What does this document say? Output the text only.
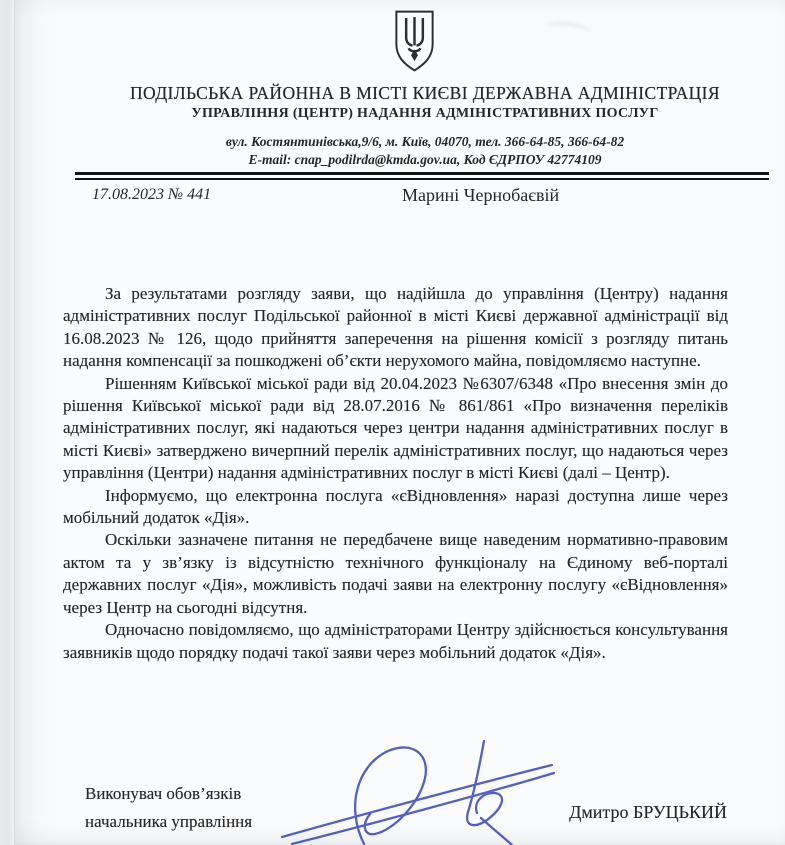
ПОДІЛЬСЬКА РАЙОННА В МІСТІ КИЄВІ ДЕРЖАВНА АДМІНІСТРАЦІЯ
УПРАВЛІННЯ (ЦЕНТР) НАДАННЯ АДМІНІСТРАТИВНИХ ПОСЛУГ
вул. Костянтинівська,9/6, м. Київ, 04070, тел. 366-64-85, 366-64-82
E-mail: cnap_podilrda@kmda.gov.ua, Код ЄДРПОУ 42774109
17.08.2023 № 441	Марині Чернобаєвій

За результатами розгляду заяви, що надійшла до управління (Центру) надання адміністративних послуг Подільської районної в місті Києві державної адміністрації від 16.08.2023 № 126, щодо прийняття заперечення на рішення комісії з розгляду питань надання компенсації за пошкоджені об’єкти нерухомого майна, повідомляємо наступне.

Рішенням Київської міської ради від 20.04.2023 №6307/6348 «Про внесення змін до рішення Київської міської ради від 28.07.2016 № 861/861 «Про визначення переліків адміністративних послуг, які надаються через центри надання адміністративних послуг в місті Києві» затверджено вичерпний перелік адміністративних послуг, що надаються через управління (Центри) надання адміністративних послуг в місті Києві (далі – Центр).

Інформуємо, що електронна послуга «єВідновлення» наразі доступна лише через мобільний додаток «Дія».

Оскільки зазначене питання не передбачене вище наведеним нормативно-правовим актом та у зв’язку із відсутністю технічного функціоналу на Єдиному веб-порталі державних послуг «Дія», можливість подачі заяви на електронну послугу «єВідновлення» через Центр на сьогодні відсутня.

Одночасно повідомляємо, що адміністраторами Центру здійснюється консультування заявників щодо порядку подачі такої заяви через мобільний додаток «Дія».

Виконувач обов’язків
начальника управління	Дмитро БРУЦЬКИЙ
